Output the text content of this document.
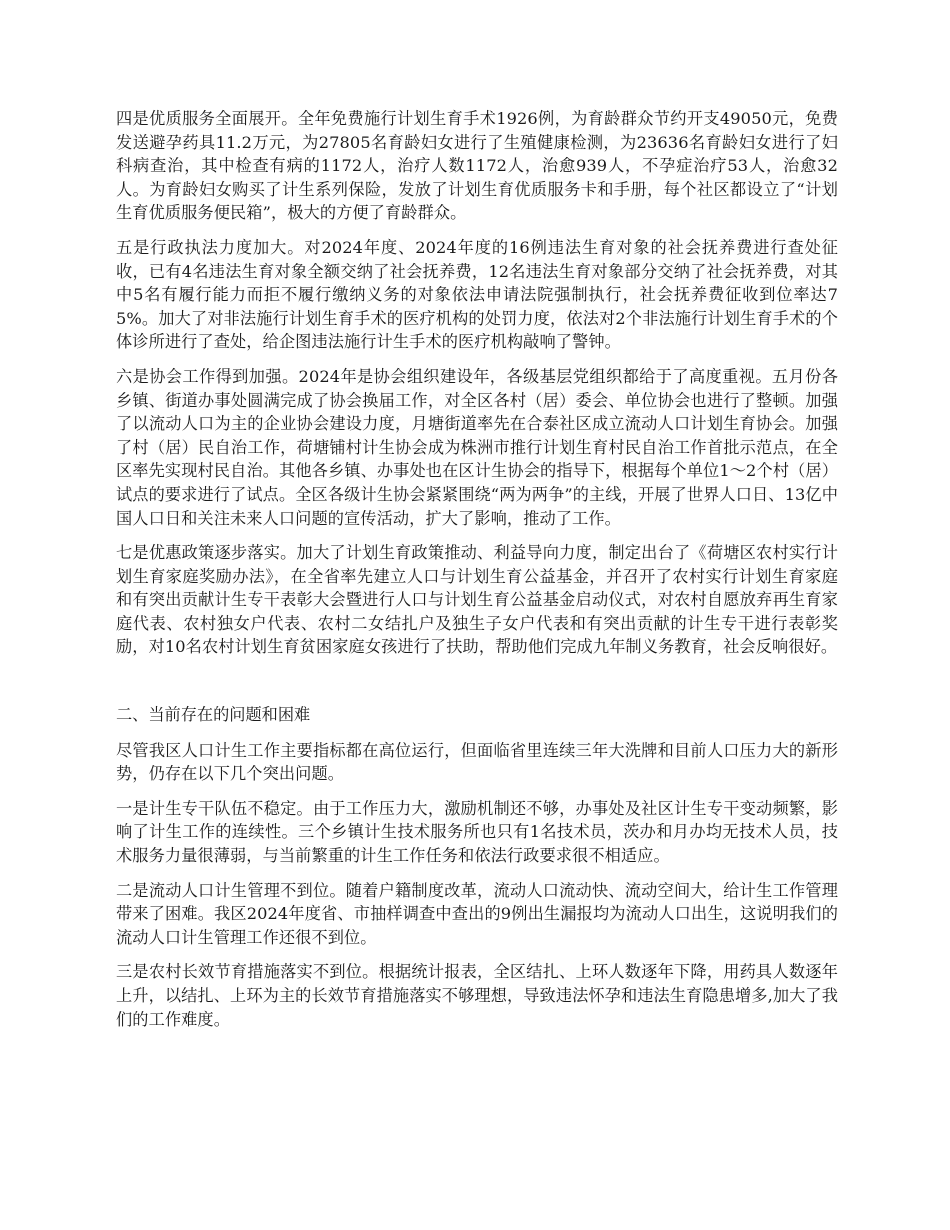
四是优质服务全面展开。全年免费施行计划生育手术1926例，为育龄群众节约开支49050元，免费发送避孕药具11.2万元，为27805名育龄妇女进行了生殖健康检测，为23636名育龄妇女进行了妇科病查治，其中检查有病的1172人，治疗人数1172人，治愈939人，不孕症治疗53人，治愈32人。为育龄妇女购买了计生系列保险，发放了计划生育优质服务卡和手册，每个社区都设立了“计划生育优质服务便民箱”，极大的方便了育龄群众。

五是行政执法力度加大。对2024年度、2024年度的16例违法生育对象的社会抚养费进行查处征收，已有4名违法生育对象全额交纳了社会抚养费，12名违法生育对象部分交纳了社会抚养费，对其中5名有履行能力而拒不履行缴纳义务的对象依法申请法院强制执行，社会抚养费征收到位率达75%。加大了对非法施行计划生育手术的医疗机构的处罚力度，依法对2个非法施行计划生育手术的个体诊所进行了查处，给企图违法施行计生手术的医疗机构敲响了警钟。

六是协会工作得到加强。2024年是协会组织建设年，各级基层党组织都给于了高度重视。五月份各乡镇、街道办事处圆满完成了协会换届工作，对全区各村（居）委会、单位协会也进行了整顿。加强了以流动人口为主的企业协会建设力度，月塘街道率先在合泰社区成立流动人口计划生育协会。加强了村（居）民自治工作，荷塘铺村计生协会成为株洲市推行计划生育村民自治工作首批示范点，在全区率先实现村民自治。其他各乡镇、办事处也在区计生协会的指导下，根据每个单位1～2个村（居）试点的要求进行了试点。全区各级计生协会紧紧围绕“两为两争”的主线，开展了世界人口日、13亿中国人口日和关注未来人口问题的宣传活动，扩大了影响，推动了工作。

七是优惠政策逐步落实。加大了计划生育政策推动、利益导向力度，制定出台了《荷塘区农村实行计划生育家庭奖励办法》，在全省率先建立人口与计划生育公益基金，并召开了农村实行计划生育家庭和有突出贡献计生专干表彰大会暨进行人口与计划生育公益基金启动仪式，对农村自愿放弃再生育家庭代表、农村独女户代表、农村二女结扎户及独生子女户代表和有突出贡献的计生专干进行表彰奖励，对10名农村计划生育贫困家庭女孩进行了扶助，帮助他们完成九年制义务教育，社会反响很好。

二、当前存在的问题和困难

尽管我区人口计生工作主要指标都在高位运行，但面临省里连续三年大洗牌和目前人口压力大的新形势，仍存在以下几个突出问题。

一是计生专干队伍不稳定。由于工作压力大，激励机制还不够，办事处及社区计生专干变动频繁，影响了计生工作的连续性。三个乡镇计生技术服务所也只有1名技术员，茨办和月办均无技术人员，技术服务力量很薄弱，与当前繁重的计生工作任务和依法行政要求很不相适应。

二是流动人口计生管理不到位。随着户籍制度改革，流动人口流动快、流动空间大，给计生工作管理带来了困难。我区2024年度省、市抽样调查中查出的9例出生漏报均为流动人口出生，这说明我们的流动人口计生管理工作还很不到位。

三是农村长效节育措施落实不到位。根据统计报表，全区结扎、上环人数逐年下降，用药具人数逐年上升，以结扎、上环为主的长效节育措施落实不够理想，导致违法怀孕和违法生育隐患增多,加大了我们的工作难度。
